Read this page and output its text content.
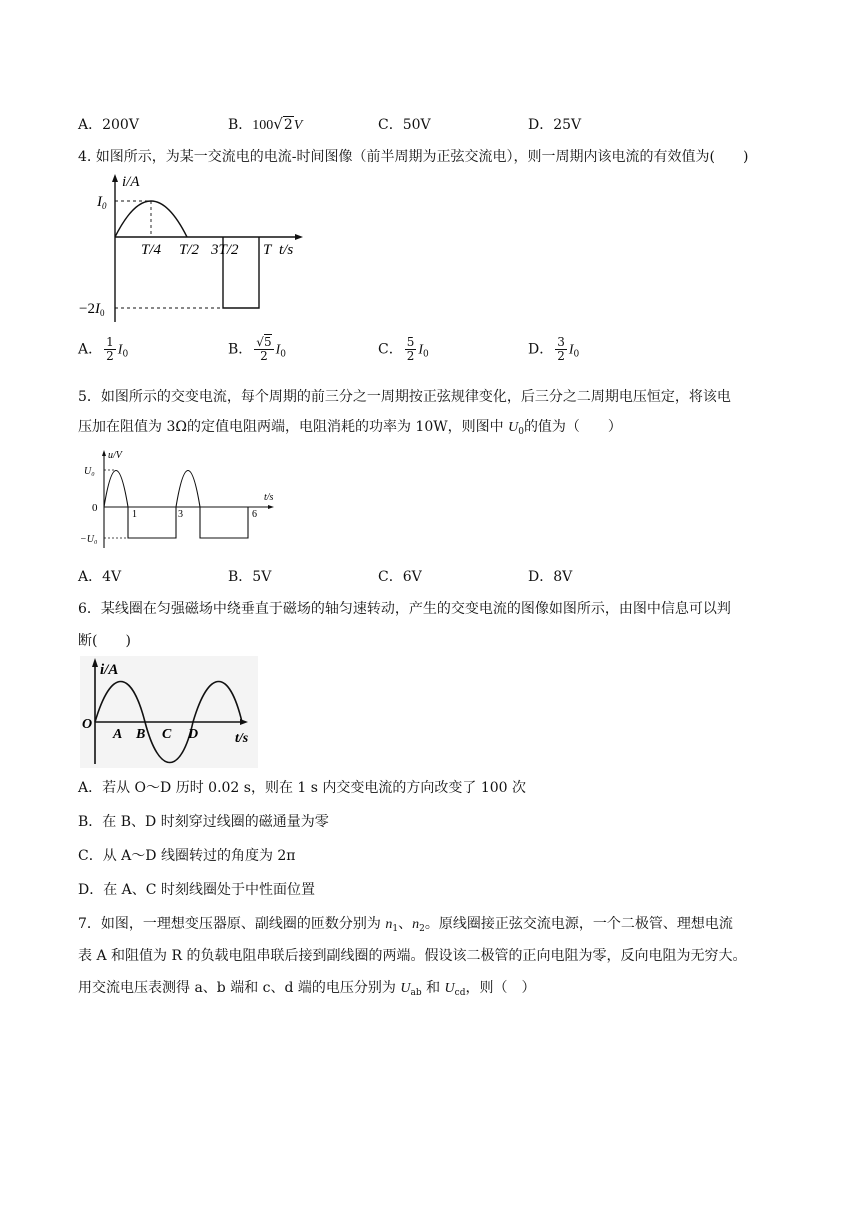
A．200V	B．100√2V	C．50V	D．25V
4. 如图所示，为某一交流电的电流-时间图像（前半周期为正弦交流电），则一周期内该电流的有效值为(　　)
i/A
$I_0$
$-2I_0$
T/4 T/2 3T/2 T t/s
A． $\frac{1}{2} I_0$	B． $\frac{√5}{2} I_0$	C． $\frac{5}{2} I_0$	D． $\frac{3}{2} I_0$
5．如图所示的交变电流，每个周期的前三分之一周期按正弦规律变化，后三分之二周期电压恒定，将该电
压加在阻值为 3Ω的定值电阻两端，电阻消耗的功率为 10W，则图中 $U_0$的值为（　　）
u/V
U₀
0
−U₀
1	3	6
t/s
A．4V	B．5V	C．6V	D．8V
6．某线圈在匀强磁场中绕垂直于磁场的轴匀速转动，产生的交变电流的图像如图所示，由图中信息可以判
断(　　)
i/A
O
A B C D	t/s
A．若从 O～D 历时 0.02 s，则在 1 s 内交变电流的方向改变了 100 次
B．在 B、D 时刻穿过线圈的磁通量为零
C．从 A～D 线圈转过的角度为 2π
D．在 A、C 时刻线圈处于中性面位置
7．如图，一理想变压器原、副线圈的匝数分别为 $n_1$、$n_2$。原线圈接正弦交流电源，一个二极管、理想电流
表 A 和阻值为 R 的负载电阻串联后接到副线圈的两端。假设该二极管的正向电阻为零，反向电阻为无穷大。
用交流电压表测得 a、b 端和 c、d 端的电压分别为 $U_{ab}$ 和 $U_{cd}$，则（　）
